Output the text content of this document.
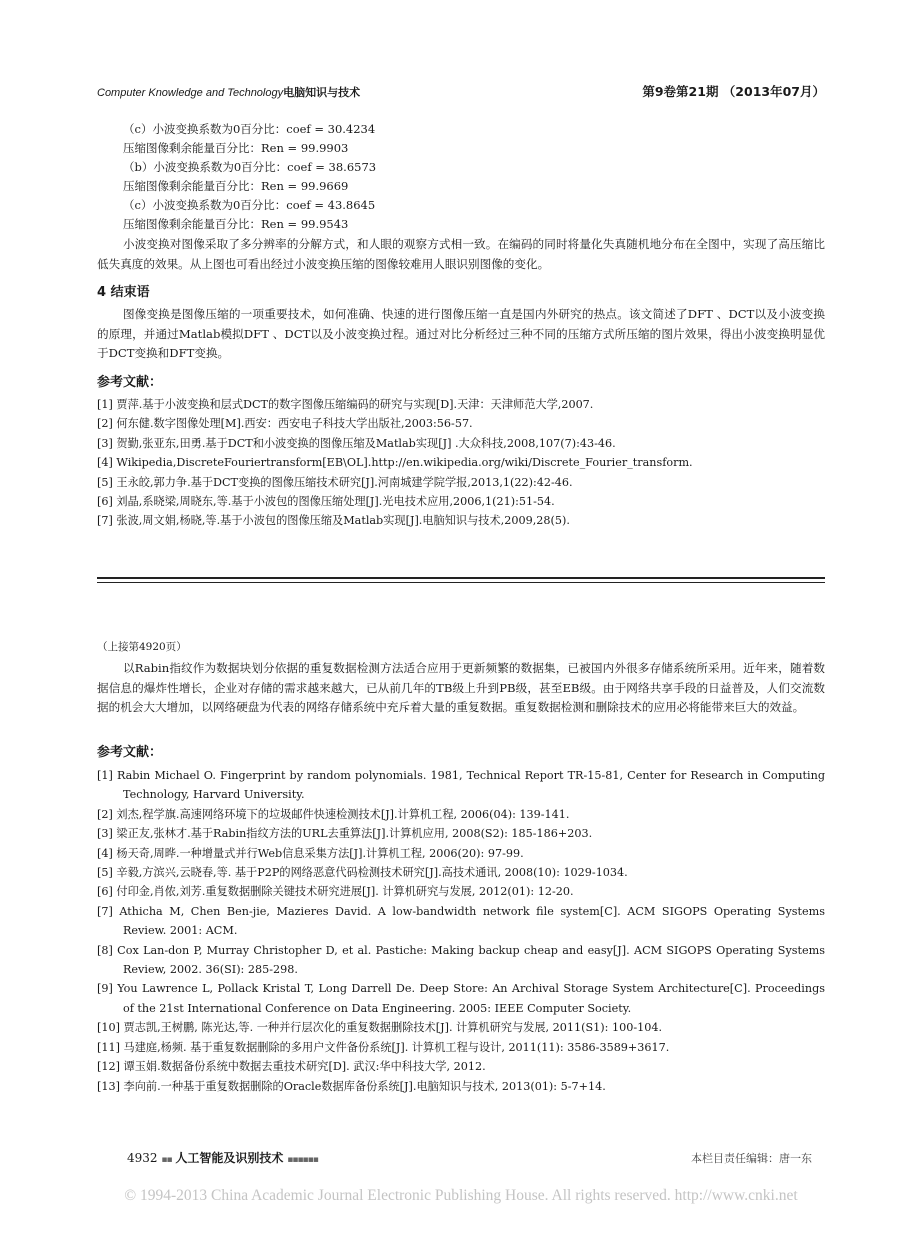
Computer Knowledge and Technology电脑知识与技术	第9卷第21期 （2013年07月）
（c）小波变换系数为0百分比：coef = 30.4234
压缩图像剩余能量百分比：Ren = 99.9903
（b）小波变换系数为0百分比：coef = 38.6573
压缩图像剩余能量百分比：Ren = 99.9669
（c）小波变换系数为0百分比：coef = 43.8645
压缩图像剩余能量百分比：Ren = 99.9543
小波变换对图像采取了多分辨率的分解方式，和人眼的观察方式相一致。在编码的同时将量化失真随机地分布在全图中，实现了高压缩比低失真度的效果。从上图也可看出经过小波变换压缩的图像较难用人眼识别图像的变化。
4 结束语
图像变换是图像压缩的一项重要技术，如何准确、快速的进行图像压缩一直是国内外研究的热点。该文简述了DFT 、DCT以及小波变换的原理，并通过Matlab模拟DFT 、DCT以及小波变换过程。通过对比分析经过三种不同的压缩方式所压缩的图片效果，得出小波变换明显优于DCT变换和DFT变换。
参考文献：
[1] 贾萍.基于小波变换和层式DCT的数字图像压缩编码的研究与实现[D].天津：天津师范大学,2007.
[2] 何东健.数字图像处理[M].西安：西安电子科技大学出版社,2003:56-57.
[3] 贺勤,张亚东,田勇.基于DCT和小波变换的图像压缩及Matlab实现[J] .大众科技,2008,107(7):43-46.
[4] Wikipedia,DiscreteFouriertransform[EB\OL].http://en.wikipedia.org/wiki/Discrete_Fourier_transform.
[5] 王永皎,郭力争.基于DCT变换的图像压缩技术研究[J].河南城建学院学报,2013,1(22):42-46.
[6] 刘晶,系晓梁,周晓东,等.基于小波包的图像压缩处理[J].光电技术应用,2006,1(21):51-54.
[7] 张波,周文娟,杨晓,等.基于小波包的图像压缩及Matlab实现[J].电脑知识与技术,2009,28(5).
（上接第4920页）
以Rabin指纹作为数据块划分依据的重复数据检测方法适合应用于更新频繁的数据集，已被国内外很多存储系统所采用。近年来，随着数据信息的爆炸性增长，企业对存储的需求越来越大，已从前几年的TB级上升到PB级，甚至EB级。由于网络共享手段的日益普及，人们交流数据的机会大大增加，以网络硬盘为代表的网络存储系统中充斥着大量的重复数据。重复数据检测和删除技术的应用必将能带来巨大的效益。
参考文献：
[1] Rabin Michael O. Fingerprint by random polynomials. 1981, Technical Report TR-15-81, Center for Research in Computing Technology, Harvard University.
[2] 刘杰,程学旗.高速网络环境下的垃圾邮件快速检测技术[J].计算机工程, 2006(04): 139-141.
[3] 梁正友,张林才.基于Rabin指纹方法的URL去重算法[J].计算机应用, 2008(S2): 185-186+203.
[4] 杨天奇,周晔.一种增量式并行Web信息采集方法[J].计算机工程, 2006(20): 97-99.
[5] 辛毅,方滨兴,云晓春,等. 基于P2P的网络恶意代码检测技术研究[J].高技术通讯, 2008(10): 1029-1034.
[6] 付印金,肖侬,刘芳.重复数据删除关键技术研究进展[J]. 计算机研究与发展, 2012(01): 12-20.
[7] Athicha M, Chen Ben-jie, Mazieres David. A low-bandwidth network file system[C]. ACM SIGOPS Operating Systems Review. 2001: ACM.
[8] Cox Lan-don P, Murray Christopher D, et al. Pastiche: Making backup cheap and easy[J]. ACM SIGOPS Operating Systems Review, 2002. 36(SI): 285-298.
[9] You Lawrence L, Pollack Kristal T, Long Darrell De. Deep Store: An Archival Storage System Architecture[C]. Proceedings of the 21st International Conference on Data Engineering. 2005: IEEE Computer Society.
[10] 贾志凯,王树鹏, 陈光达,等. 一种并行层次化的重复数据删除技术[J]. 计算机研究与发展, 2011(S1): 100-104.
[11] 马建庭,杨频. 基于重复数据删除的多用户文件备份系统[J]. 计算机工程与设计, 2011(11): 3586-3589+3617.
[12] 谭玉娟.数据备份系统中数据去重技术研究[D]. 武汉:华中科技大学, 2012.
[13] 李向前.一种基于重复数据删除的Oracle数据库备份系统[J].电脑知识与技术, 2013(01): 5-7+14.
4932 ▪▪ 人工智能及识别技术 ▪▪▪▪▪▪	本栏目责任编辑：唐一东
© 1994-2013 China Academic Journal Electronic Publishing House. All rights reserved. http://www.cnki.net
